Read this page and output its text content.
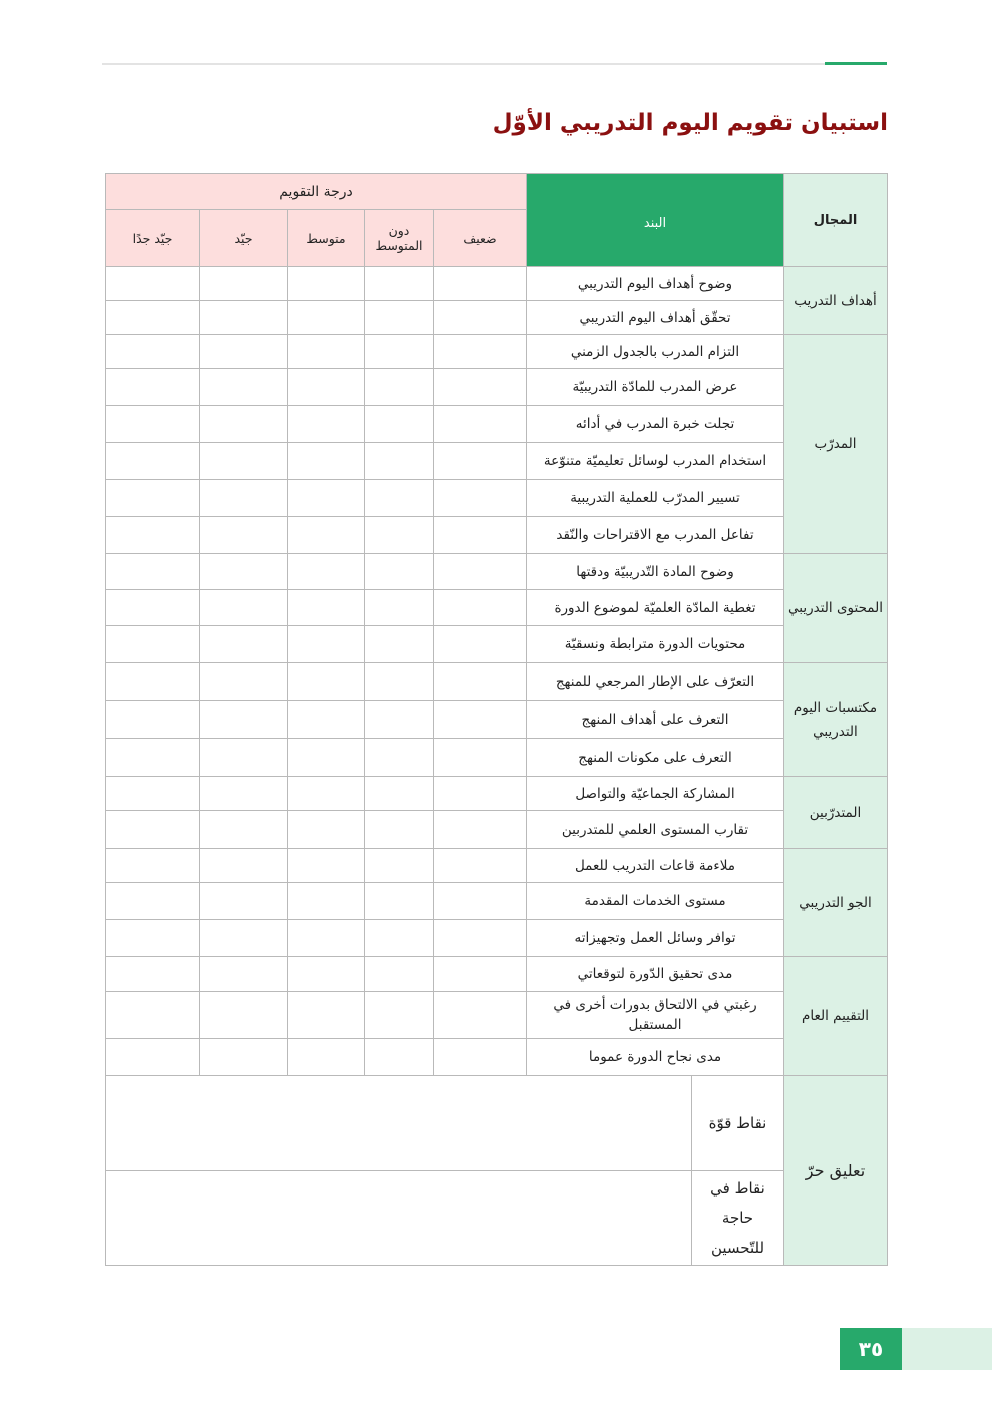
استبيان تقويم اليوم التدريبي الأوّل
المجال	البند		درجة التقويم				
			ضعيف	دون المتوسط	متوسط	جيّد	جيّد جدًا
أهداف التدريب	وضوح أهداف اليوم التدريبي						
	تحقّق أهداف اليوم التدريبي						
المدرّب	التزام المدرب بالجدول الزمني						
	عرض المدرب للمادّة التدريبيّة						
	تجلت خبرة المدرب في أدائه						
	استخدام المدرب لوسائل تعليميّة متنوّعة						
	تسيير المدرّب للعملية التدريبية						
	تفاعل المدرب مع الاقتراحات والنّقد						
المحتوى التدريبي	وضوح المادة التّدريبيّة ودقتها						
	تغطية المادّة العلميّة لموضوع الدورة						
	محتويات الدورة مترابطة ونسقيّة						
مكتسبات اليوم التدريبي	التعرّف على الإطار المرجعي للمنهج						
	التعرف على أهداف المنهج						
	التعرف على مكونات المنهج						
المتدرّبين	المشاركة الجماعيّة والتواصل						
	تقارب المستوى العلمي للمتدربين						
الجو التدريبي	ملاءمة قاعات التدريب للعمل						
	مستوى الخدمات المقدمة						
	توافر وسائل العمل وتجهيزاته						
التقييم العام	مدى تحقيق الدّورة لتوقعاتي						
	رغبتي في الالتحاق بدورات أخرى في المستقبل						
	مدى نجاح الدورة عموما						
تعليق حرّ	نقاط قوّة						
	نقاط في حاجة للتّحسين						
٣٥
